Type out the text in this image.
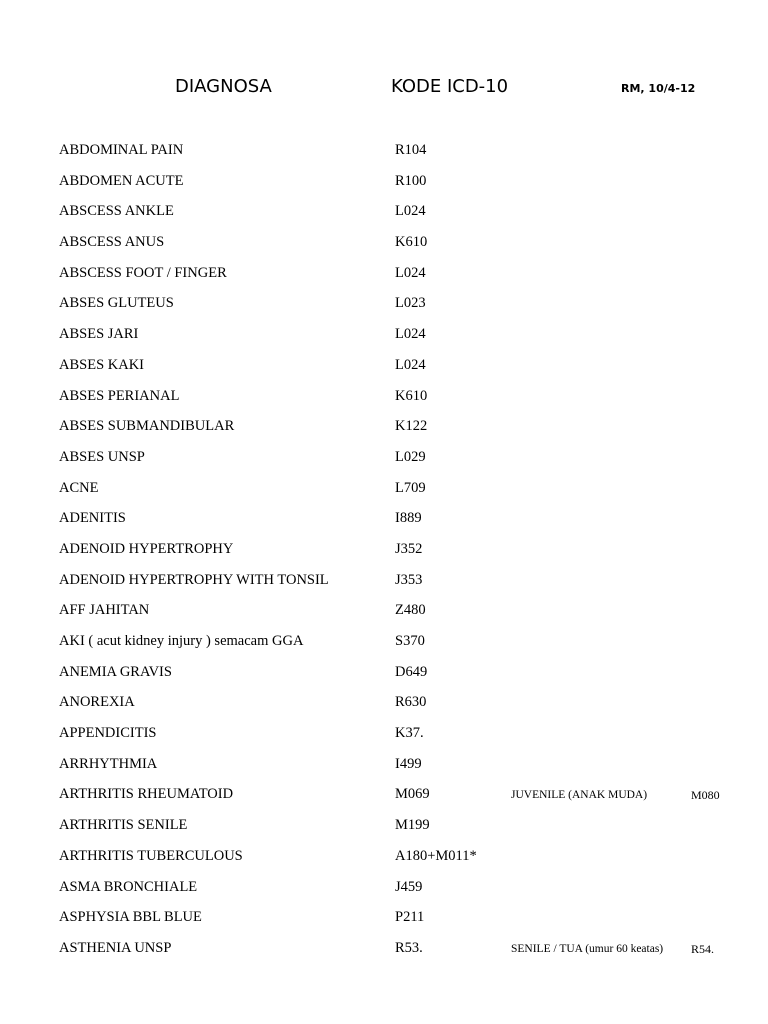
DIAGNOSA	KODE ICD-10	RM, 10/4-12
ABDOMINAL PAIN	R104
ABDOMEN ACUTE	R100
ABSCESS ANKLE	L024
ABSCESS ANUS	K610
ABSCESS FOOT / FINGER	L024
ABSES GLUTEUS	L023
ABSES JARI	L024
ABSES KAKI	L024
ABSES PERIANAL	K610
ABSES SUBMANDIBULAR	K122
ABSES UNSP	L029
ACNE	L709
ADENITIS	I889
ADENOID HYPERTROPHY	J352
ADENOID HYPERTROPHY WITH TONSIL	J353
AFF JAHITAN	Z480
AKI ( acut kidney injury ) semacam GGA	S370
ANEMIA GRAVIS	D649
ANOREXIA	R630
APPENDICITIS	K37.
ARRHYTHMIA	I499
ARTHRITIS RHEUMATOID	M069	JUVENILE (ANAK MUDA)	M080
ARTHRITIS SENILE	M199
ARTHRITIS TUBERCULOUS	A180+M011*
ASMA BRONCHIALE	J459
ASPHYSIA BBL BLUE	P211
ASTHENIA UNSP	R53.	SENILE / TUA (umur 60 keatas) R54.
